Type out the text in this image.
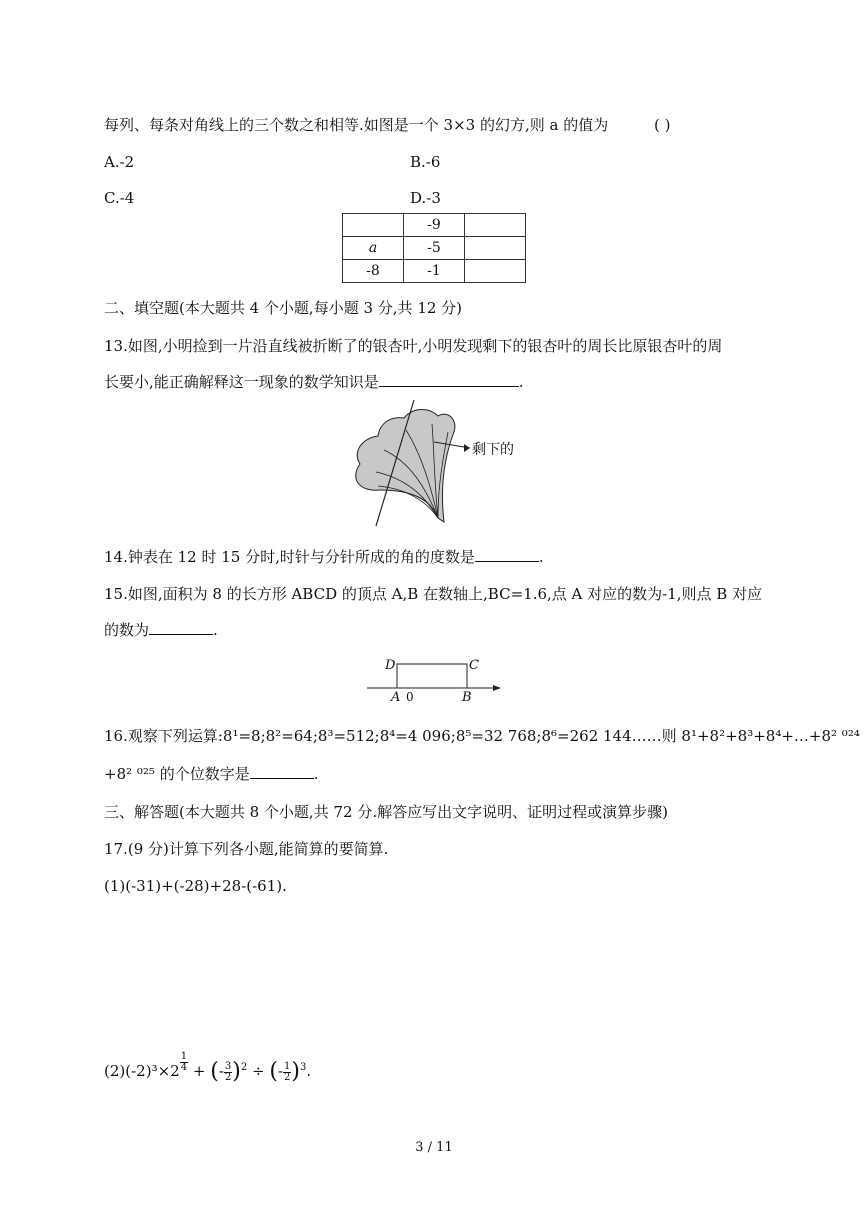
每列、每条对角线上的三个数之和相等.如图是一个 3×3 的幻方,则 a 的值为	( )
A.-2	B.-6
C.-4	D.-3
	-9	
a	-5	
-8	-1	
二、填空题(本大题共 4 个小题,每小题 3 分,共 12 分)
13.如图,小明捡到一片沿直线被折断了的银杏叶,小明发现剩下的银杏叶的周长比原银杏叶的周
长要小,能正确解释这一现象的数学知识是	.
剩下的
14.钟表在 12 时 15 分时,时针与分针所成的角的度数是	.
15.如图,面积为 8 的长方形 ABCD 的顶点 A,B 在数轴上,BC=1.6,点 A 对应的数为-1,则点 B 对应
的数为	.
D	C
A 0	B
16.观察下列运算:8¹=8;8²=64;8³=512;8⁴=4 096;8⁵=32 768;8⁶=262 144……则 8¹+8²+8³+8⁴+…+8² ⁰²⁴
+8² ⁰²⁵ 的个位数字是	.
三、解答题(本大题共 8 个小题,共 72 分.解答应写出文字说明、证明过程或演算步骤)
17.(9 分)计算下列各小题,能简算的要简算.
(1)(-31)+(-28)+28-(-61).
$(2)(-2)^3\times 2 \frac{1}{4}$ + (- $\frac{3}{2} )^2$ ÷ (- $\frac{1}{2} )^3$.
3 / 11
